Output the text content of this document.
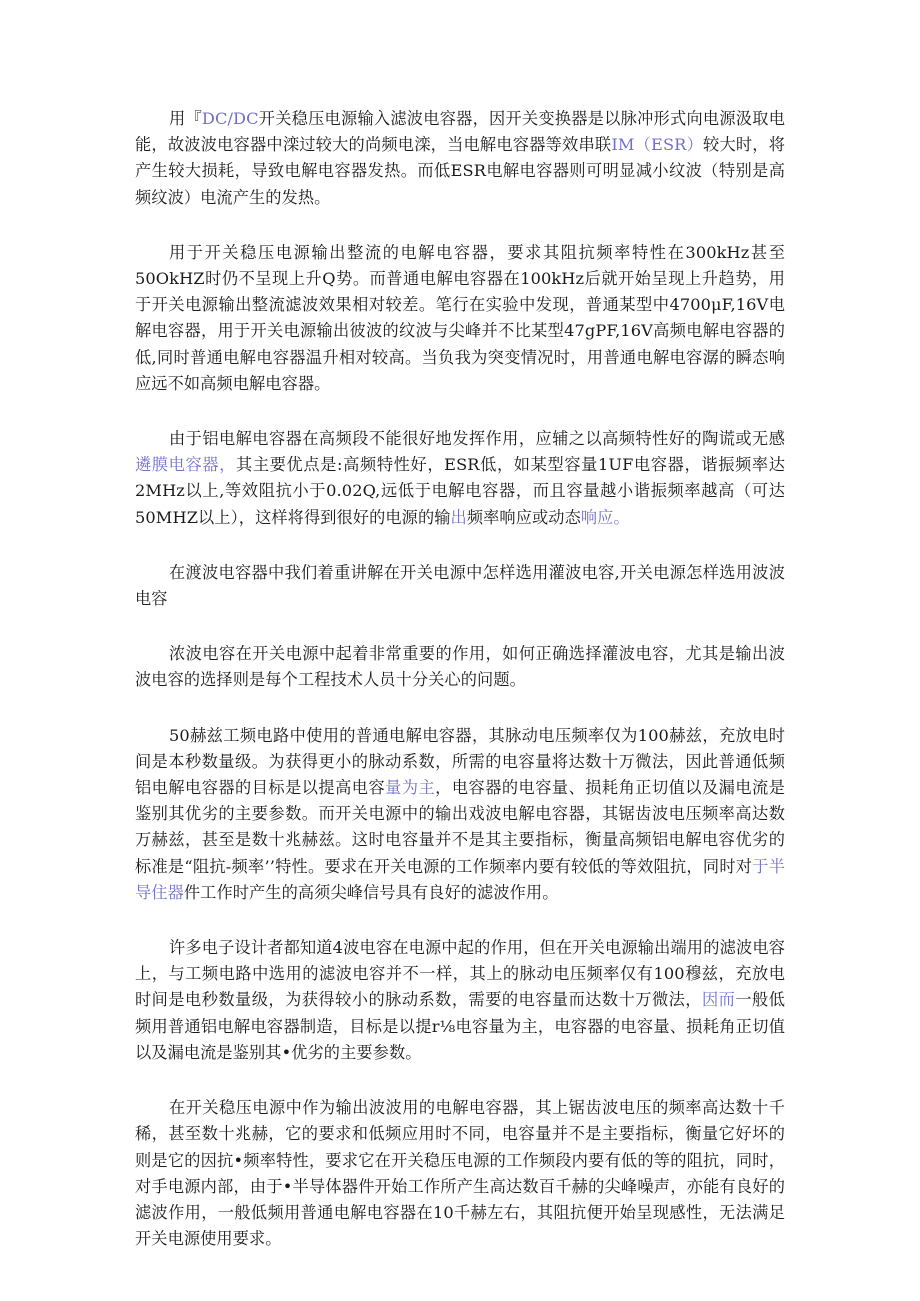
用『DC/DC开关稳压电源输入滤波电容器，因开关变换器是以脉冲形式向电源汲取电能，故波波电容器中滦过较大的尚频电滦，当电解电容器等效串联IM（ESR）较大时，将产生较大损耗，导致电解电容器发热。而低ESR电解电容器则可明显减小纹波（特别是高频纹波）电流产生的发热。

用于开关稳压电源输出整流的电解电容器，要求其阻抗频率特性在300kHz甚至50OkHZ时仍不呈现上升Q势。而普通电解电容器在100kHz后就开始呈现上升趋势，用于开关电源输出整流滤波效果相对较差。笔行在实验中发现，普通某型中4700μF,16V电解电容器，用于开关电源输出彼波的纹波与尖峰并不比某型47gPF,16V高频电解电容器的低,同时普通电解电容器温升相对较高。当负我为突变情况时，用普通电解电容潺的瞬态响应远不如高频电解电容器。

由于铝电解电容器在高频段不能很好地发挥作用，应辅之以高频特性好的陶谎或无感遴膜电容器，其主要优点是:高频特性好，ESR低，如某型容量1UF电容器，谐振频率达2MHz以上,等效阻抗小于0.02Q,远低于电解电容器，而且容量越小谐振频率越高（可达50MHZ以上），这样将得到很好的电源的输出频率响应或动态响应。

在渡波电容器中我们着重讲解在开关电源中怎样选用灌波电容,开关电源怎样选用波波电容

浓波电容在开关电源中起着非常重要的作用，如何正确选择灌波电容，尤其是输出波波电容的选择则是每个工程技术人员十分关心的问题。

50赫兹工频电路中使用的普通电解电容器，其脉动电压频率仅为100赫兹，充放电时间是本秒数量级。为获得更小的脉动系数，所需的电容量将达数十万微法，因此普通低频铝电解电容器的目标是以提高电容量为主，电容器的电容量、损耗角正切值以及漏电流是鉴别其优劣的主要参数。而开关电源中的输出戏波电解电容器，其锯齿波电压频率高达数万赫兹，甚至是数十兆赫兹。这时电容量并不是其主要指标，衡量高频铝电解电容优劣的标准是“阻抗-频率’’特性。要求在开关电源的工作频率内要有较低的等效阻抗，同时对于半导住器件工作时产生的高须尖峰信号具有良好的滤波作用。

许多电子设计者都知道4波电容在电源中起的作用，但在开关电源输出端用的滤波电容上，与工频电路中选用的滤波电容并不一样，其上的脉动电压频率仅有100穆兹，充放电时间是电秒数量级，为获得较小的脉动系数，需要的电容量而达数十万微法，因而一般低频用普通铝电解电容器制造，目标是以提r⅛电容量为主，电容器的电容量、损耗角正切值以及漏电流是鉴别其•优劣的主要参数。

在开关稳压电源中作为输出波波用的电解电容器，其上锯齿波电压的频率高达数十千稀，甚至数十兆赫，它的要求和低频应用时不同，电容量并不是主要指标，衡量它好坏的则是它的因抗•频率特性，要求它在开关稳压电源的工作频段内要有低的等的阻抗，同时，对手电源内部，由于•半导体器件开始工作所产生高达数百千赫的尖峰噪声，亦能有良好的滤波作用，一般低频用普通电解电容器在10千赫左右，其阻抗便开始呈现感性，无法满足开关电源使用要求。
